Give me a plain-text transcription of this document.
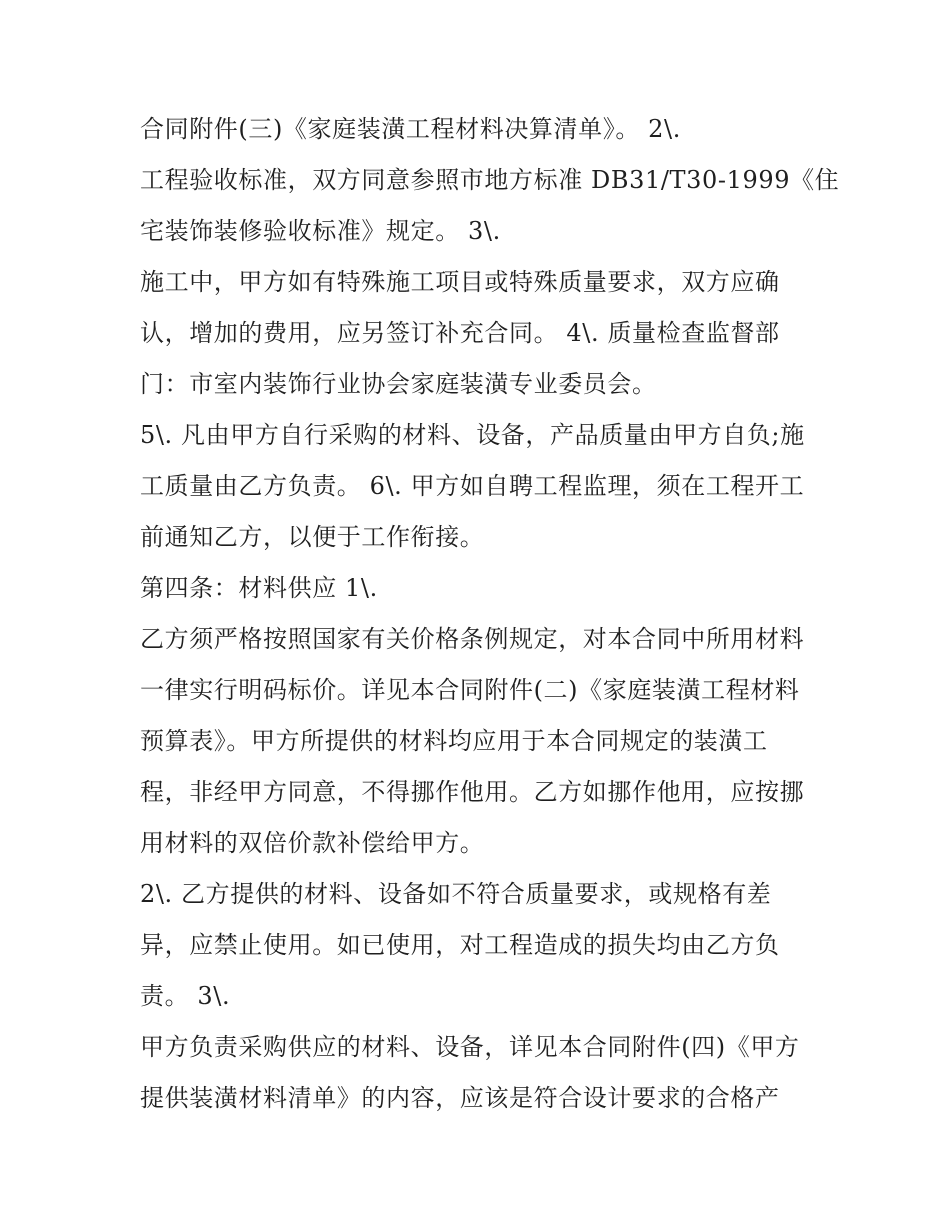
合同附件(三)《家庭装潢工程材料决算清单》。 2\.
工程验收标准，双方同意参照市地方标准 DB31/T30-1999《住
宅装饰装修验收标准》规定。 3\.
施工中，甲方如有特殊施工项目或特殊质量要求，双方应确
认，增加的费用，应另签订补充合同。 4\. 质量检查监督部
门：市室内装饰行业协会家庭装潢专业委员会。
5\. 凡由甲方自行采购的材料、设备，产品质量由甲方自负;施
工质量由乙方负责。 6\. 甲方如自聘工程监理，须在工程开工
前通知乙方，以便于工作衔接。
第四条：材料供应 1\.
乙方须严格按照国家有关价格条例规定，对本合同中所用材料
一律实行明码标价。详见本合同附件(二)《家庭装潢工程材料
预算表》。甲方所提供的材料均应用于本合同规定的装潢工
程，非经甲方同意，不得挪作他用。乙方如挪作他用，应按挪
用材料的双倍价款补偿给甲方。
2\. 乙方提供的材料、设备如不符合质量要求，或规格有差
异，应禁止使用。如已使用，对工程造成的损失均由乙方负
责。 3\.
甲方负责采购供应的材料、设备，详见本合同附件(四)《甲方
提供装潢材料清单》的内容，应该是符合设计要求的合格产
